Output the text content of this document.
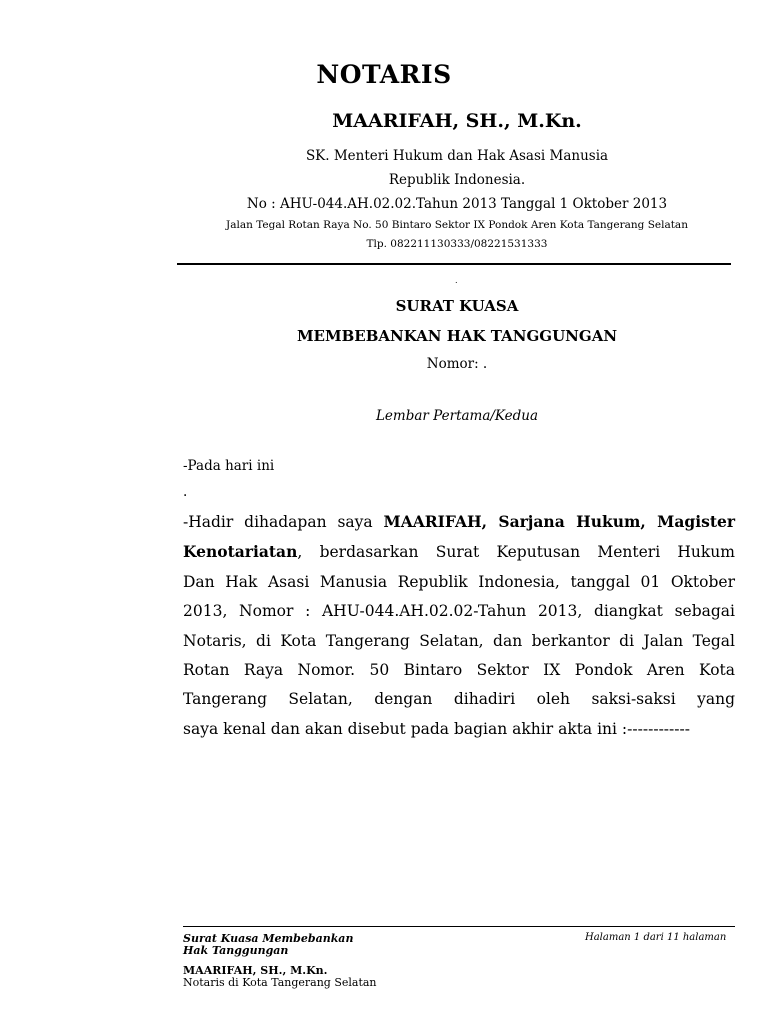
NOTARIS
MAARIFAH, SH., M.Kn.
SK. Menteri Hukum dan Hak Asasi Manusia
Republik Indonesia.
No : AHU-044.AH.02.02.Tahun 2013 Tanggal 1 Oktober 2013
Jalan Tegal Rotan Raya No. 50 Bintaro Sektor IX Pondok Aren Kota Tangerang Selatan
Tlp. 082211130333/08221531333
.
SURAT KUASA
MEMBEBANKAN HAK TANGGUNGAN
Nomor: .
Lembar Pertama/Kedua
-Pada hari ini
.
-Hadir dihadapan saya MAARIFAH, Sarjana Hukum, Magister
Kenotariatan, berdasarkan Surat Keputusan Menteri Hukum
Dan Hak Asasi Manusia Republik Indonesia, tanggal 01 Oktober
2013, Nomor : AHU-044.AH.02.02-Tahun 2013, diangkat sebagai
Notaris, di Kota Tangerang Selatan, dan berkantor di Jalan Tegal
Rotan Raya Nomor. 50 Bintaro Sektor IX Pondok Aren Kota
Tangerang Selatan, dengan dihadiri oleh saksi-saksi yang
saya kenal dan akan disebut pada bagian akhir akta ini :------------
Surat Kuasa Membebankan
Hak Tanggungan
Halaman 1 dari 11 halaman
MAARIFAH, SH., M.Kn.
Notaris di Kota Tangerang Selatan
